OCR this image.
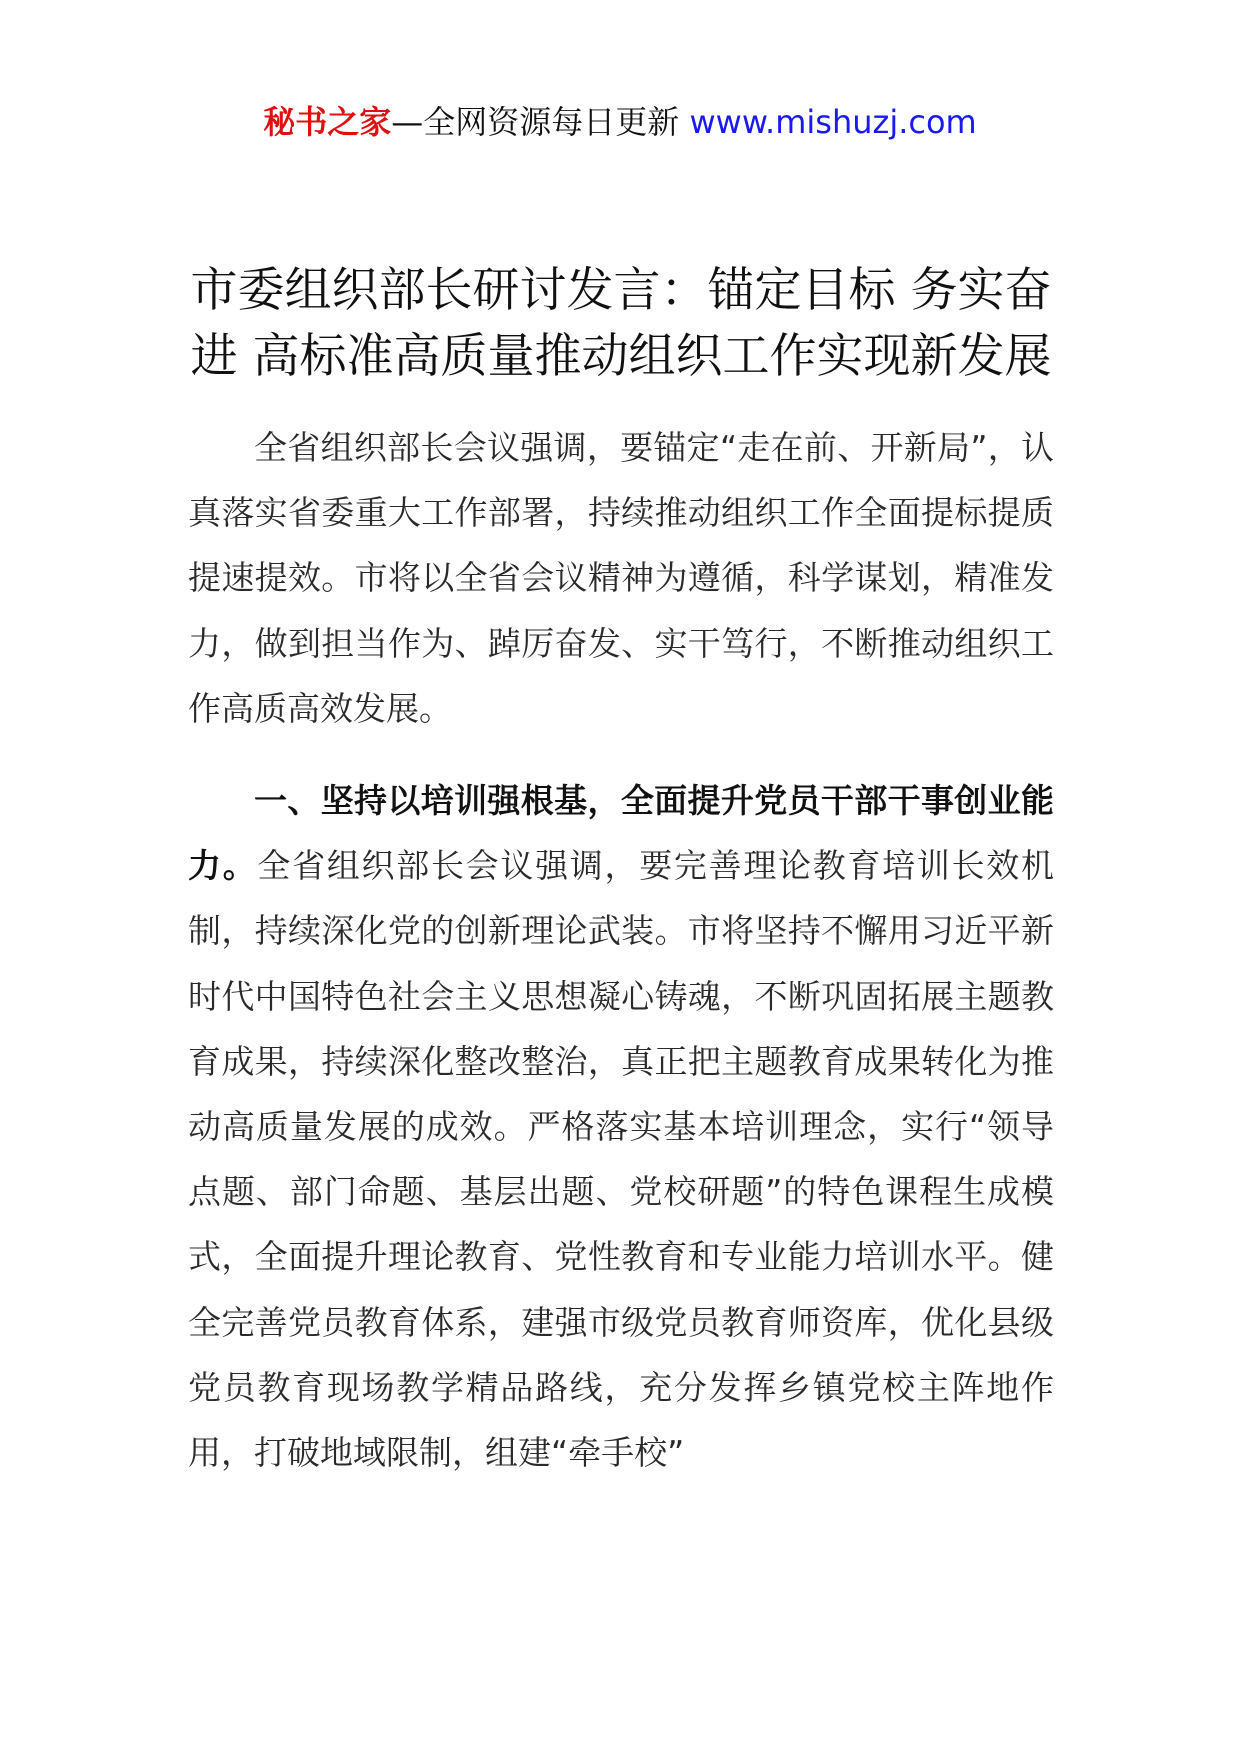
秘书之家—全网资源每日更新 www.mishuzj.com
市委组织部长研讨发言：锚定目标 务实奋进 高标准高质量推动组织工作实现新发展

全省组织部长会议强调，要锚定“走在前、开新局”，认真落实省委重大工作部署，持续推动组织工作全面提标提质提速提效。市将以全省会议精神为遵循，科学谋划，精准发力，做到担当作为、踔厉奋发、实干笃行，不断推动组织工作高质高效发展。

一、坚持以培训强根基，全面提升党员干部干事创业能力。全省组织部长会议强调，要完善理论教育培训长效机制，持续深化党的创新理论武装。市将坚持不懈用习近平新时代中国特色社会主义思想凝心铸魂，不断巩固拓展主题教育成果，持续深化整改整治，真正把主题教育成果转化为推动高质量发展的成效。严格落实基本培训理念，实行“领导点题、部门命题、基层出题、党校研题”的特色课程生成模式，全面提升理论教育、党性教育和专业能力培训水平。健全完善党员教育体系，建强市级党员教育师资库，优化县级党员教育现场教学精品路线，充分发挥乡镇党校主阵地作用，打破地域限制，组建“牵手校”
